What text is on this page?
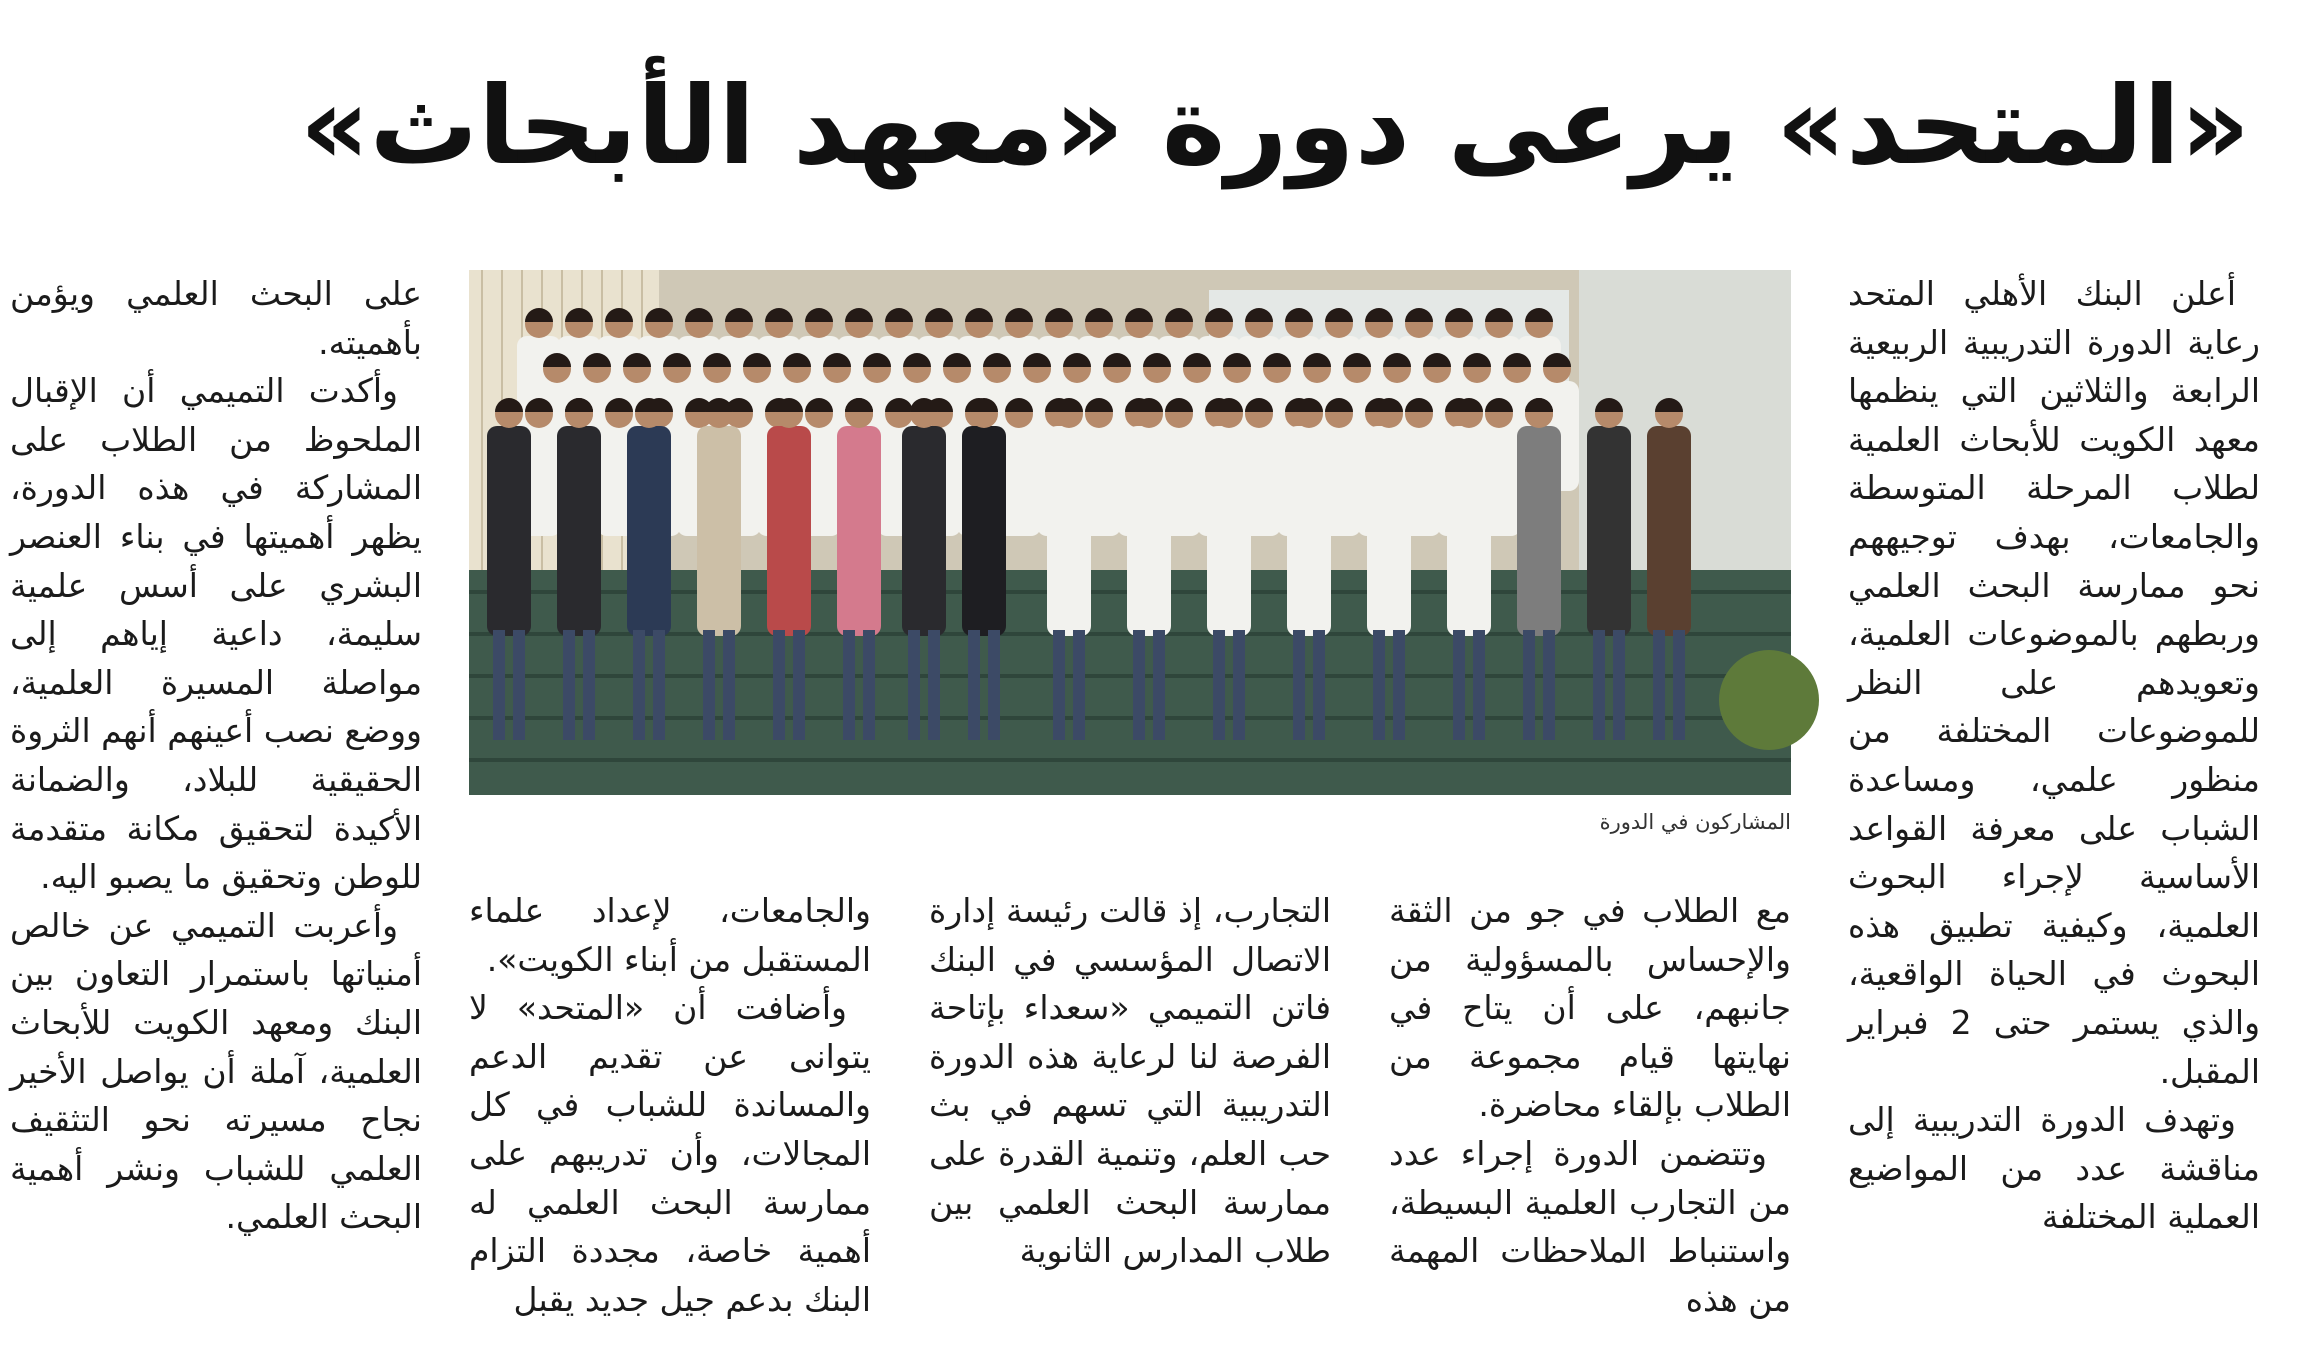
«المتحد» يرعى دورة «معهد الأبحاث»

أعلن البنك الأهلي المتحد رعاية الدورة التدريبية الربيعية الرابعة والثلاثين التي ينظمها معهد الكويت للأبحاث العلمية لطلاب المرحلة المتوسطة والجامعات، بهدف توجيههم نحو ممارسة البحث العلمي وربطهم بالموضوعات العلمية، وتعويدهم على النظر للموضوعات المختلفة من منظور علمي، ومساعدة الشباب على معرفة القواعد الأساسية لإجراء البحوث العلمية، وكيفية تطبيق هذه البحوث في الحياة الواقعية، والذي يستمر حتى 2 فبراير المقبل.

وتهدف الدورة التدريبية إلى مناقشة عدد من المواضيع العملية المختلفة

المشاركون في الدورة

مع الطلاب في جو من الثقة والإحساس بالمسؤولية من جانبهم، على أن يتاح في نهايتها قيام مجموعة من الطلاب بإلقاء محاضرة.

وتتضمن الدورة إجراء عدد من التجارب العلمية البسيطة، واستنباط الملاحظات المهمة من هذه

التجارب، إذ قالت رئيسة إدارة الاتصال المؤسسي في البنك فاتن التميمي «سعداء بإتاحة الفرصة لنا لرعاية هذه الدورة التدريبية التي تسهم في بث حب العلم، وتنمية القدرة على ممارسة البحث العلمي بين طلاب المدارس الثانوية

والجامعات، لإعداد علماء المستقبل من أبناء الكويت».

وأضافت أن «المتحد» لا يتوانى عن تقديم الدعم والمساندة للشباب في كل المجالات، وأن تدريبهم على ممارسة البحث العلمي له أهمية خاصة، مجددة التزام البنك بدعم جيل جديد يقبل

على البحث العلمي ويؤمن بأهميته.

وأكدت التميمي أن الإقبال الملحوظ من الطلاب على المشاركة في هذه الدورة، يظهر أهميتها في بناء العنصر البشري على أسس علمية سليمة، داعية إياهم إلى مواصلة المسيرة العلمية، ووضع نصب أعينهم أنهم الثروة الحقيقية للبلاد، والضمانة الأكيدة لتحقيق مكانة متقدمة للوطن وتحقيق ما يصبو اليه.

وأعربت التميمي عن خالص أمنياتها باستمرار التعاون بين البنك ومعهد الكويت للأبحاث العلمية، آملة أن يواصل الأخير نجاح مسيرته نحو التثقيف العلمي للشباب ونشر أهمية البحث العلمي.
